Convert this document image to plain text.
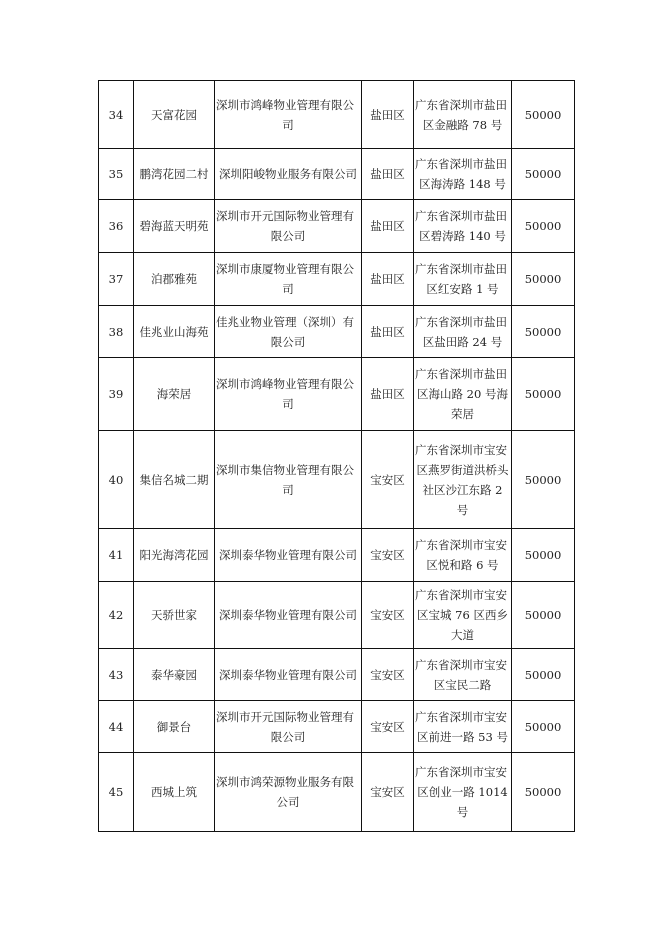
34	天富花园	深圳市鸿峰物业管理有限公
司	盐田区	广东省深圳市盐田
区金融路 78 号	50000
35	鹏湾花园二村	深圳阳峻物业服务有限公司	盐田区	广东省深圳市盐田
区海涛路 148 号	50000
36	碧海蓝天明苑	深圳市开元国际物业管理有
限公司	盐田区	广东省深圳市盐田
区碧涛路 140 号	50000
37	泊郡雅苑	深圳市康厦物业管理有限公
司	盐田区	广东省深圳市盐田
区红安路 1 号	50000
38	佳兆业山海苑	佳兆业物业管理（深圳）有
限公司	盐田区	广东省深圳市盐田
区盐田路 24 号	50000
39	海荣居	深圳市鸿峰物业管理有限公
司	盐田区	广东省深圳市盐田
区海山路 20 号海
荣居	50000
40	集信名城二期	深圳市集信物业管理有限公
司	宝安区	广东省深圳市宝安
区燕罗街道洪桥头
社区沙江东路 2 号	50000
41	阳光海湾花园	深圳泰华物业管理有限公司	宝安区	广东省深圳市宝安
区悦和路 6 号	50000
42	天骄世家	深圳泰华物业管理有限公司	宝安区	广东省深圳市宝安
区宝城 76 区西乡
大道	50000
43	泰华豪园	深圳泰华物业管理有限公司	宝安区	广东省深圳市宝安
区宝民二路	50000
44	御景台	深圳市开元国际物业管理有
限公司	宝安区	广东省深圳市宝安
区前进一路 53 号	50000
45	西城上筑	深圳市鸿荣源物业服务有限
公司	宝安区	广东省深圳市宝安
区创业一路 1014
号	50000
